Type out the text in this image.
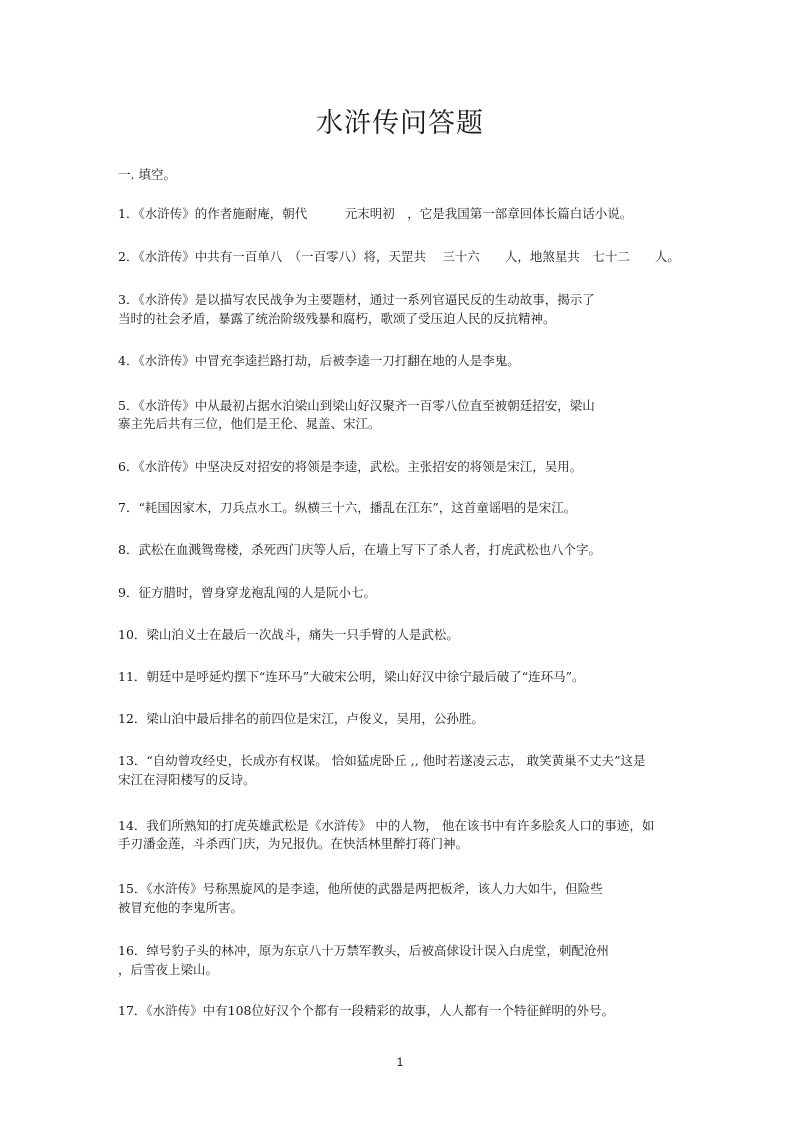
水浒传问答题
一. 填空。
1．《水浒传》的作者施耐庵，朝代　　　元末明初　，它是我国第一部章回体长篇白话小说。
2．《水浒传》中共有一百单八　（一百零八）将，天罡共　 三十六　　人，地煞星共　七十二　　人。
3．《水浒传》是以描写农民战争为主要题材，通过一系列官逼民反的生动故事，揭示了
当时的社会矛盾，暴露了统治阶级残暴和腐朽，歌颂了受压迫人民的反抗精神。
4．《水浒传》中冒充李逵拦路打劫，后被李逵一刀打翻在地的人是李鬼。
5．《水浒传》中从最初占据水泊梁山到梁山好汉聚齐一百零八位直至被朝廷招安，梁山
寨主先后共有三位，他们是王伦、晁盖、宋江。
6．《水浒传》中坚决反对招安的将领是李逵，武松。主张招安的将领是宋江，吴用。
7．“耗国因家木，刀兵点水工。纵横三十六，播乱在江东”，这首童谣唱的是宋江。
8．武松在血溅鸳鸯楼，杀死西门庆等人后，在墙上写下了杀人者，打虎武松也八个字。
9．征方腊时，曾身穿龙袍乱闯的人是阮小七。
10．梁山泊义士在最后一次战斗，痛失一只手臂的人是武松。
11．朝廷中是呼延灼摆下“连环马”大破宋公明，梁山好汉中徐宁最后破了“连环马”。
12．梁山泊中最后排名的前四位是宋江，卢俊义，吴用，公孙胜。
13．“自幼曾攻经史，长成亦有权谋。 恰如猛虎卧丘 ,, 他时若遂凌云志， 敢笑黄巢不丈夫”这是
宋江在浔阳楼写的反诗。
14．我们所熟知的打虎英雄武松是《水浒传》 中的人物， 他在该书中有许多脍炙人口的事迹，如
手刃潘金莲，斗杀西门庆，为兄报仇。在快活林里醉打蒋门神。
15．《水浒传》号称黑旋风的是李逵，他所使的武器是两把板斧，该人力大如牛，但险些
被冒充他的李鬼所害。
16．绰号豹子头的林冲，原为东京八十万禁军教头，后被高俅设计误入白虎堂，刺配沧州
，后雪夜上梁山。
17．《水浒传》中有108位好汉个个都有一段精彩的故事，人人都有一个特征鲜明的外号。
1
